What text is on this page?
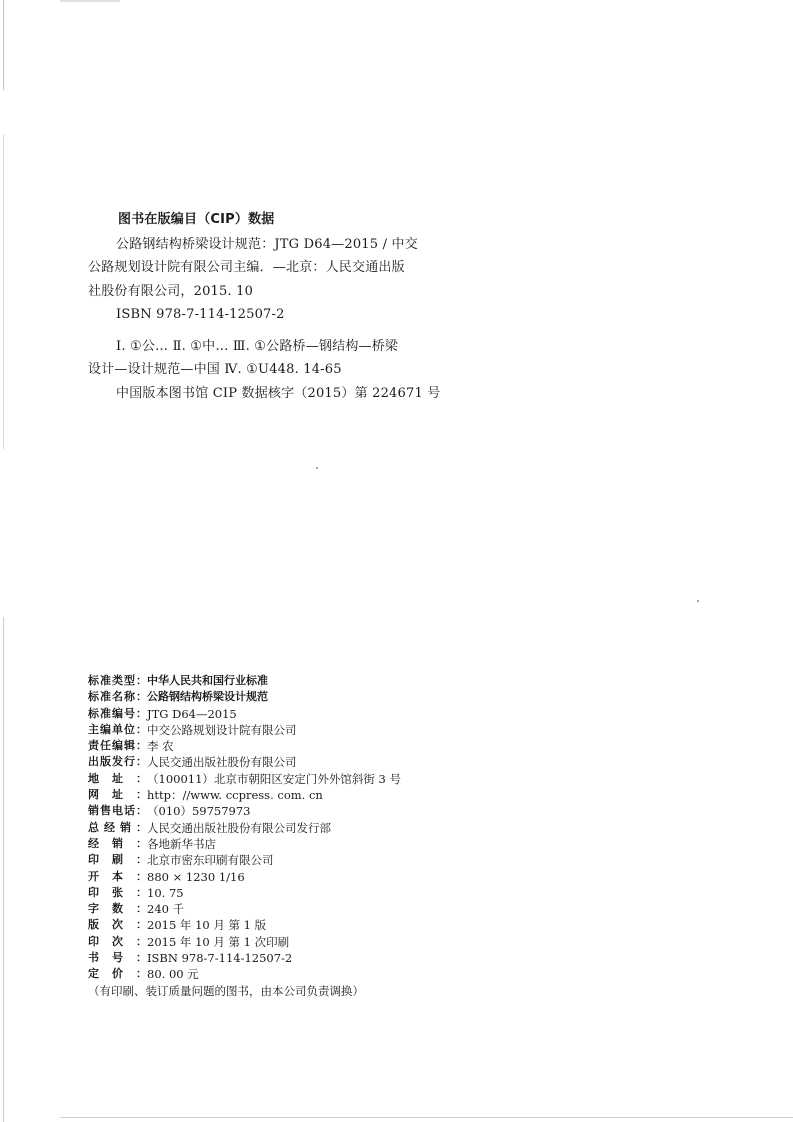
图书在版编目（CIP）数据
公路钢结构桥梁设计规范：JTG D64—2015 / 中交
公路规划设计院有限公司主编．—北京：人民交通出版
社股份有限公司，2015. 10
ISBN 978-7-114-12507-2
Ⅰ. ①公… Ⅱ. ①中… Ⅲ. ①公路桥—钢结构—桥梁
设计—设计规范—中国 Ⅳ. ①U448. 14-65
中国版本图书馆 CIP 数据核字（2015）第 224671 号
标 准 类 型 ： 中华人民共和国行业标准
标 准 名 称 ： 公路钢结构桥梁设计规范
标 准 编 号 ： JTG D64—2015
主 编 单 位 ： 中交公路规划设计院有限公司
责 任 编 辑 ： 李 农
出 版 发 行 ： 人民交通出版社股份有限公司
地 址 ： （100011）北京市朝阳区安定门外外馆斜街 3 号
网 址 ： http：//www. ccpress. com. cn
销 售 电 话 ： （010）59757973
总 经 销 ： 人民交通出版社股份有限公司发行部
经 销 ： 各地新华书店
印 刷 ： 北京市密东印刷有限公司
开 本 ： 880 × 1230 1/16
印 张 ： 10. 75
字 数 ： 240 千
版 次 ： 2015 年 10 月 第 1 版
印 次 ： 2015 年 10 月 第 1 次印刷
书 号 ： ISBN 978-7-114-12507-2
定 价 ： 80. 00 元
（有印刷、装订质量问题的图书，由本公司负责调换）
